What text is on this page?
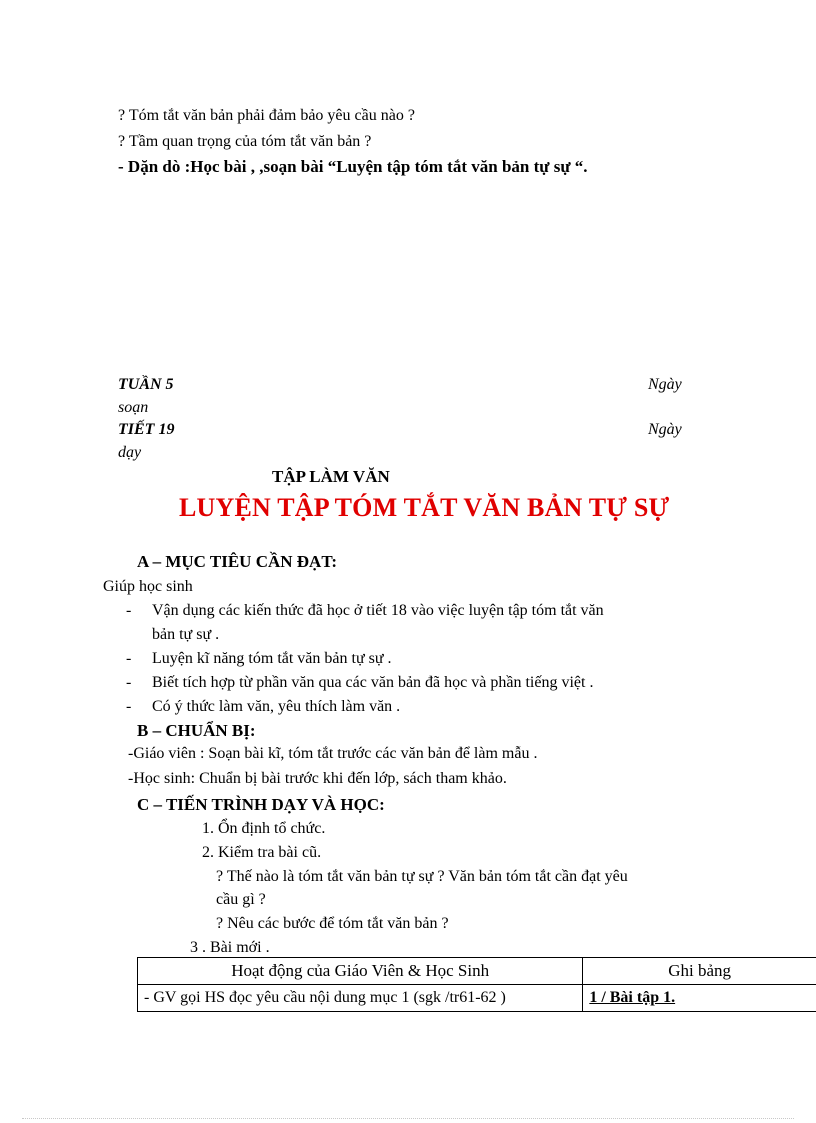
? Tóm tắt văn bản phải đảm bảo yêu cầu nào ?
? Tầm quan trọng của tóm tắt văn bản ?
- Dặn dò :Học bài , ,soạn bài “Luyện tập tóm tắt văn bản tự sự “.
TUẦN 5	Ngày
soạn
TIẾT 19	Ngày
dạy
TẬP LÀM VĂN
LUYỆN TẬP TÓM TẮT VĂN BẢN TỰ SỰ
A – MỤC TIÊU CẦN ĐẠT:
Giúp học sinh
- Vận dụng các kiến thức đã học ở tiết 18 vào việc luyện tập tóm tắt văn
bản tự sự .
- Luyện kĩ năng tóm tắt văn bản tự sự .
- Biết tích hợp từ phần văn qua các văn bản đã học và phần tiếng việt .
- Có ý thức làm văn, yêu thích làm văn .
B – CHUẨN BỊ:
-Giáo viên : Soạn bài kĩ, tóm tắt trước các văn bản để làm mẫu .
-Học sinh: Chuẩn bị bài trước khi đến lớp, sách tham khảo.
C – TIẾN TRÌNH DẠY VÀ HỌC:
1. Ổn định tổ chức.
2. Kiểm tra bài cũ.
? Thế nào là tóm tắt văn bản tự sự ? Văn bản tóm tắt cần đạt yêu
cầu gì ?
? Nêu các bước để tóm tắt văn bản ?
3 . Bài mới .
Hoạt động của Giáo Viên & Học Sinh	Ghi bảng
- GV gọi HS đọc yêu cầu nội dung mục 1 (sgk /tr61-62 )	1 / Bài tập 1.
